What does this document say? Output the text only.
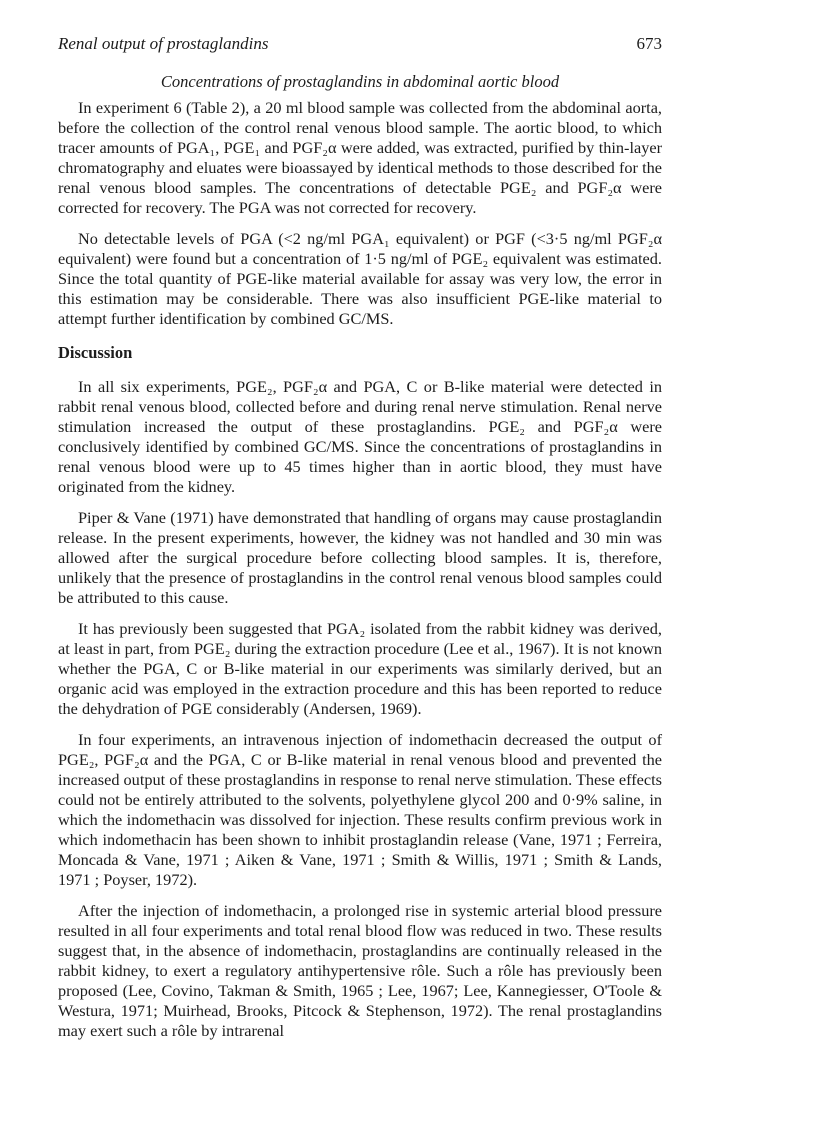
Renal output of prostaglandins	673
Concentrations of prostaglandins in abdominal aortic blood

In experiment 6 (Table 2), a 20 ml blood sample was collected from the abdominal aorta, before the collection of the control renal venous blood sample. The aortic blood, to which tracer amounts of PGA₁, PGE₁ and PGF₂α were added, was extracted, purified by thin-layer chromatography and eluates were bioassayed by identical methods to those described for the renal venous blood samples. The concentrations of detectable PGE₂ and PGF₂α were corrected for recovery. The PGA was not corrected for recovery.

No detectable levels of PGA (<2 ng/ml PGA₁ equivalent) or PGF (<3·5 ng/ml PGF₂α equivalent) were found but a concentration of 1·5 ng/ml of PGE₂ equivalent was estimated. Since the total quantity of PGE-like material available for assay was very low, the error in this estimation may be considerable. There was also insufficient PGE-like material to attempt further identification by combined GC/MS.

Discussion

In all six experiments, PGE₂, PGF₂α and PGA, C or B-like material were detected in rabbit renal venous blood, collected before and during renal nerve stimulation. Renal nerve stimulation increased the output of these prostaglandins. PGE₂ and PGF₂α were conclusively identified by combined GC/MS. Since the concentrations of prostaglandins in renal venous blood were up to 45 times higher than in aortic blood, they must have originated from the kidney.

Piper & Vane (1971) have demonstrated that handling of organs may cause prostaglandin release. In the present experiments, however, the kidney was not handled and 30 min was allowed after the surgical procedure before collecting blood samples. It is, therefore, unlikely that the presence of prostaglandins in the control renal venous blood samples could be attributed to this cause.

It has previously been suggested that PGA₂ isolated from the rabbit kidney was derived, at least in part, from PGE₂ during the extraction procedure (Lee et al., 1967). It is not known whether the PGA, C or B-like material in our experiments was similarly derived, but an organic acid was employed in the extraction procedure and this has been reported to reduce the dehydration of PGE considerably (Andersen, 1969).

In four experiments, an intravenous injection of indomethacin decreased the output of PGE₂, PGF₂α and the PGA, C or B-like material in renal venous blood and prevented the increased output of these prostaglandins in response to renal nerve stimulation. These effects could not be entirely attributed to the solvents, polyethylene glycol 200 and 0·9% saline, in which the indomethacin was dissolved for injection. These results confirm previous work in which indomethacin has been shown to inhibit prostaglandin release (Vane, 1971 ; Ferreira, Moncada & Vane, 1971 ; Aiken & Vane, 1971 ; Smith & Willis, 1971 ; Smith & Lands, 1971 ; Poyser, 1972).

After the injection of indomethacin, a prolonged rise in systemic arterial blood pressure resulted in all four experiments and total renal blood flow was reduced in two. These results suggest that, in the absence of indomethacin, prostaglandins are continually released in the rabbit kidney, to exert a regulatory antihypertensive rôle. Such a rôle has previously been proposed (Lee, Covino, Takman & Smith, 1965 ; Lee, 1967; Lee, Kannegiesser, O'Toole & Westura, 1971; Muirhead, Brooks, Pitcock & Stephenson, 1972). The renal prostaglandins may exert such a rôle by intrarenal
